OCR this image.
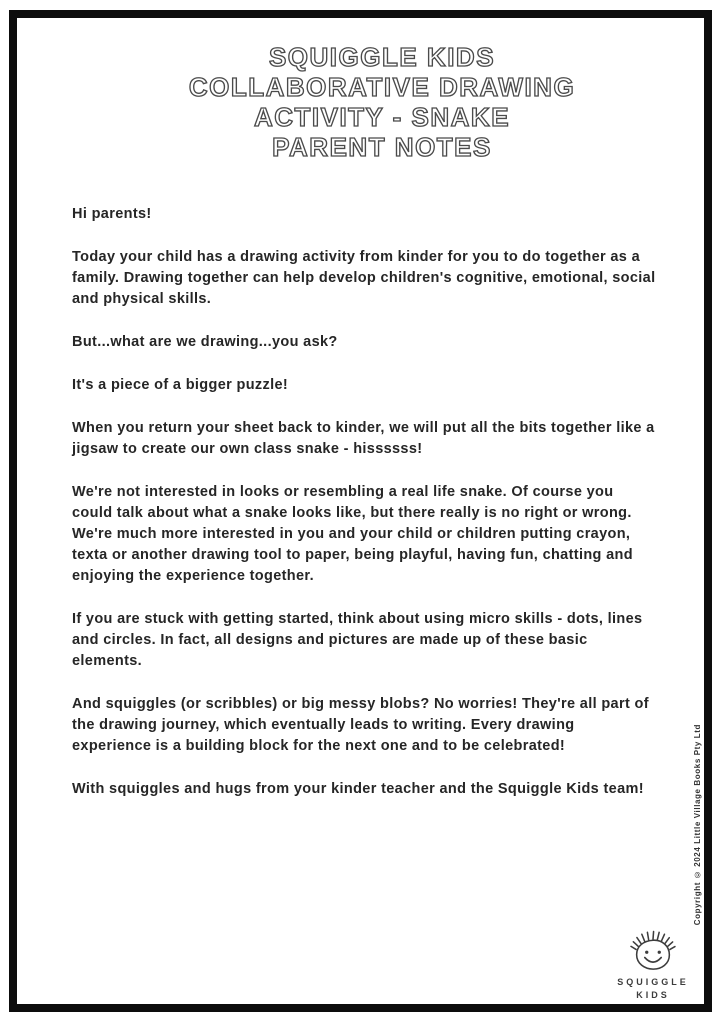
SQUIGGLE KIDS
COLLABORATIVE DRAWING
ACTIVITY - SNAKE
PARENT NOTES

Hi parents!

Today your child has a drawing activity from kinder for you to do together as a family. Drawing together can help develop children's cognitive, emotional, social and physical skills.

But...what are we drawing...you ask?

It's a piece of a bigger puzzle!

When you return your sheet back to kinder, we will put all the bits together like a jigsaw to create our own class snake - hissssss!

We're not interested in looks or resembling a real life snake. Of course you could talk about what a snake looks like, but there really is no right or wrong. We're much more interested in you and your child or children putting crayon, texta or another drawing tool to paper, being playful, having fun, chatting and enjoying the experience together.

If you are stuck with getting started, think about using micro skills - dots, lines and circles. In fact, all designs and pictures are made up of these basic elements.

And squiggles (or scribbles) or big messy blobs? No worries! They're all part of the drawing journey, which eventually leads to writing. Every drawing experience is a building block for the next one and to be celebrated!

With squiggles and hugs from your kinder teacher and the Squiggle Kids team!	Copyright © 2024 Little Village Books Pty Ltd
SQUIGGLE
KIDS
